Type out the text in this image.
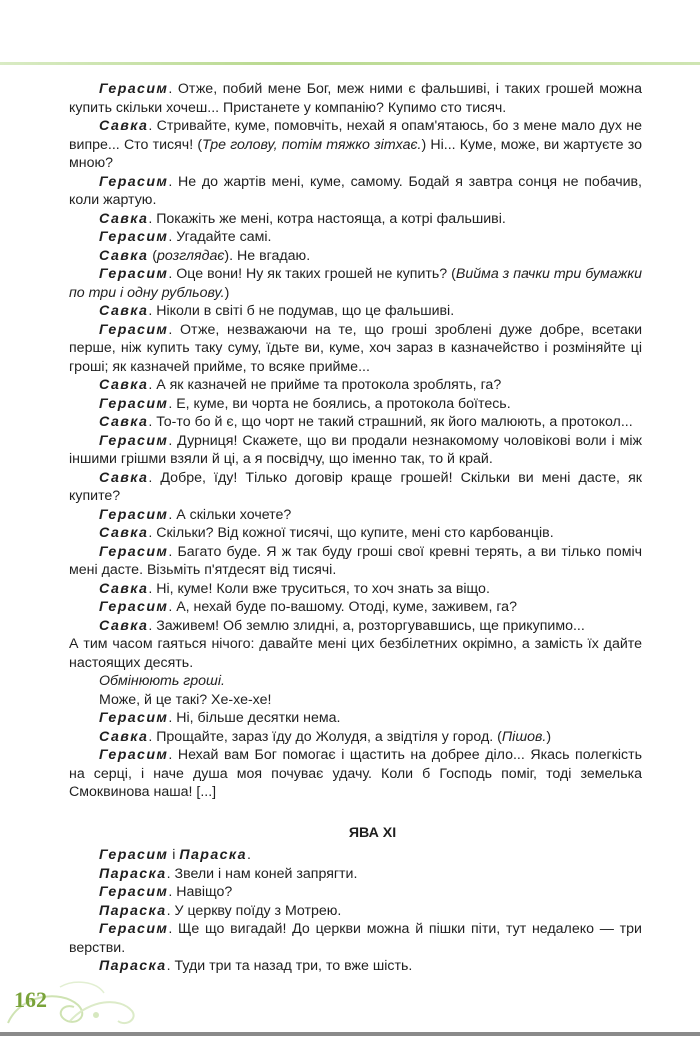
Герасим. Отже, побий мене Бог, меж ними є фальшиві, і таких грошей можна купить скільки хочеш... Пристанете у компанію? Купимо сто тисяч.

Савка. Стривайте, куме, помовчіть, нехай я опам'ятаюсь, бо з мене мало дух не випре... Сто тисяч! (Тре голову, потім тяжко зітхає.) Ні... Куме, може, ви жартуєте зо мною?

Герасим. Не до жартів мені, куме, самому. Бодай я завтра сонця не побачив, коли жартую.

Савка. Покажіть же мені, котра настояща, а котрі фальшиві.

Герасим. Угадайте самі.

Савка (розглядає). Не вгадаю.

Герасим. Оце вони! Ну як таких грошей не купить? (Вийма з пачки три бумажки по три і одну рубльову.)

Савка. Ніколи в світі б не подумав, що це фальшиві.

Герасим. Отже, незважаючи на те, що гроші зроблені дуже добре, всетаки перше, ніж купить таку суму, їдьте ви, куме, хоч зараз в казначейство і розміняйте ці гроші; як казначей прийме, то всяке прийме...

Савка. А як казначей не прийме та протокола зроблять, га?

Герасим. Е, куме, ви чорта не боялись, а протокола боїтесь.

Савка. То-то бо й є, що чорт не такий страшний, як його малюють, а протокол...

Герасим. Дурниця! Скажете, що ви продали незнакомому чоловікові воли і між іншими грішми взяли й ці, а я посвідчу, що іменно так, то й край.

Савка. Добре, їду! Тілько договір краще грошей! Скільки ви мені дасте, як купите?

Герасим. А скільки хочете?

Савка. Скільки? Від кожної тисячі, що купите, мені сто карбованців.

Герасим. Багато буде. Я ж так буду гроші свої кревні терять, а ви тілько поміч мені дасте. Візьміть п'ятдесят від тисячі.

Савка. Ні, куме! Коли вже труситься, то хоч знать за віщо.

Герасим. А, нехай буде по-вашому. Отоді, куме, заживем, га?

Савка. Заживем! Об землю злидні, а, розторгувавшись, ще прикупимо...

А тим часом гаяться нічого: давайте мені цих безбілетних окрімно, а замість їх дайте настоящих десять.

Обмінюють гроші.

Може, й це такі? Хе-хе-хе!

Герасим. Ні, більше десятки нема.

Савка. Прощайте, зараз їду до Жолудя, а звідтіля у город. (Пішов.)

Герасим. Нехай вам Бог помогає і щастить на добрее діло... Якась полегкість на серці, і наче душа моя почуває удачу. Коли б Господь поміг, тоді земелька Смоквинова наша! [...]

ЯВА XI

Герасим і Параска.

Параска. Звели і нам коней запрягти.

Герасим. Навіщо?

Параска. У церкву поїду з Мотрею.

Герасим. Ще що вигадай! До церкви можна й пішки піти, тут недалеко — три верстви.

Параска. Туди три та назад три, то вже шість.

162
